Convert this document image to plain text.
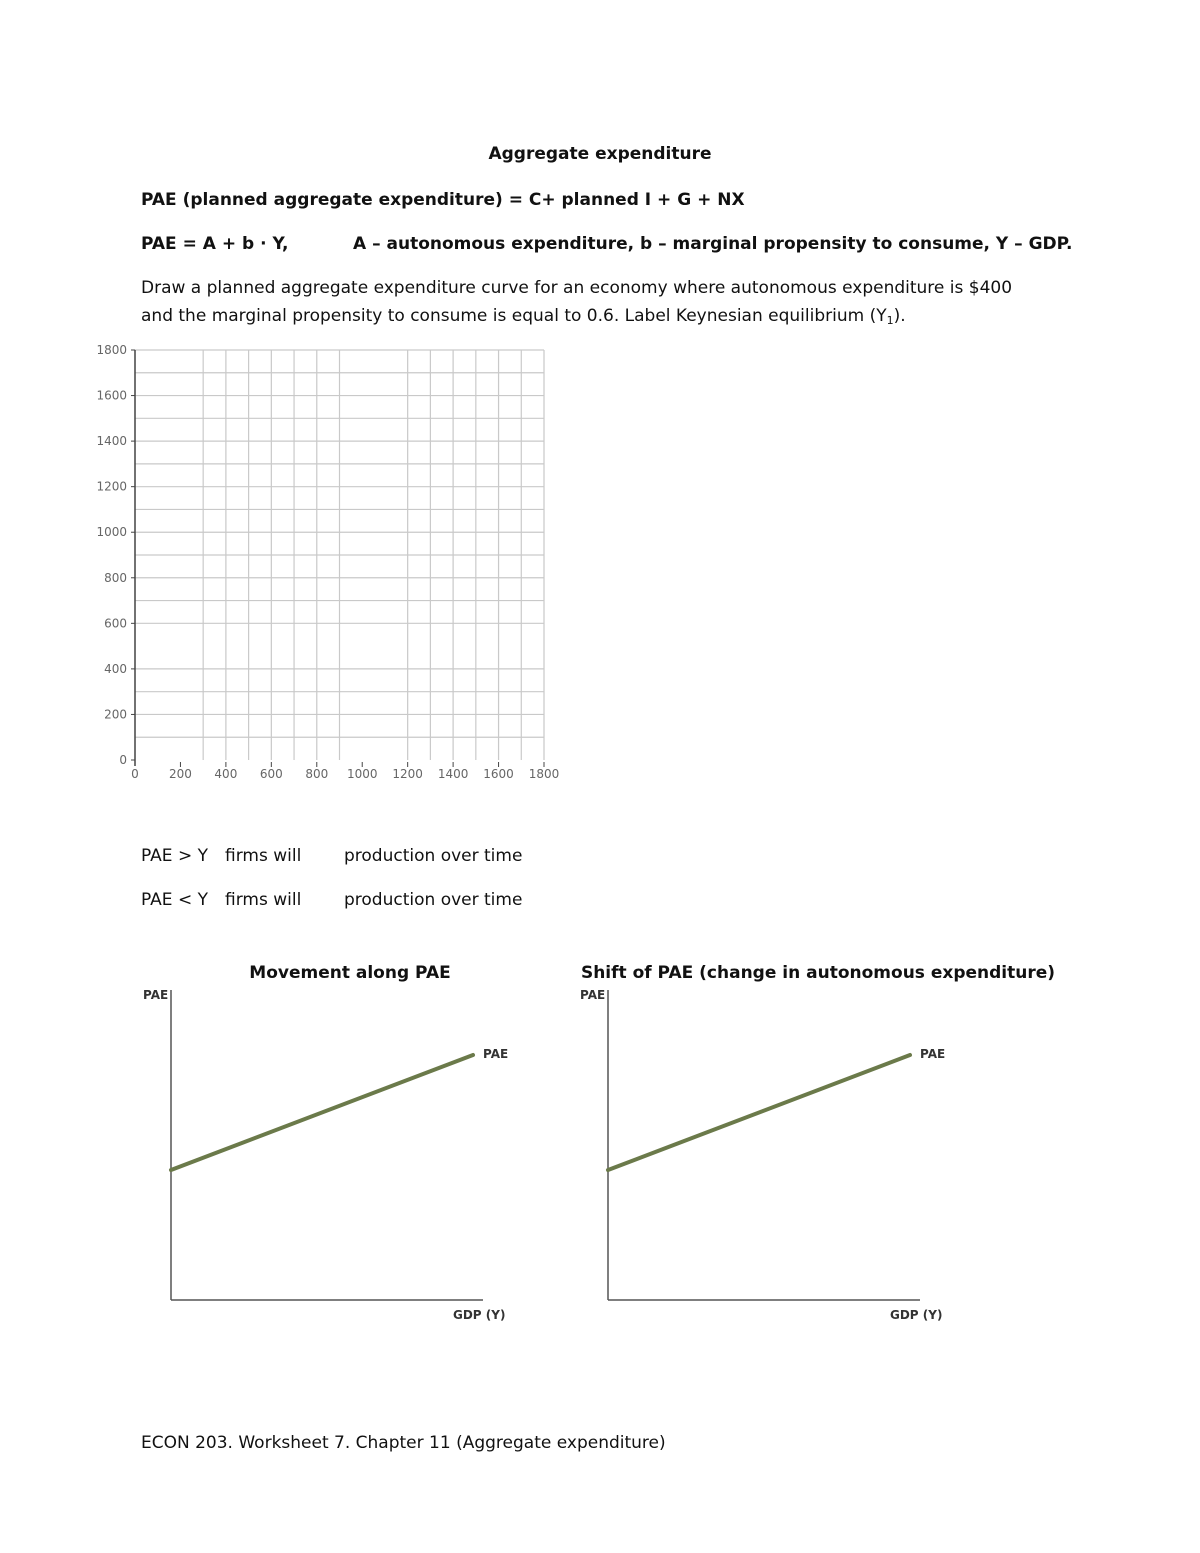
Aggregate expenditure
PAE (planned aggregate expenditure) = C+ planned I + G + NX
PAE = A + b · Y,	A – autonomous expenditure, b – marginal propensity to consume, Y – GDP.
Draw a planned aggregate expenditure curve for an economy where autonomous expenditure is $400
and the marginal propensity to consume is equal to 0.6. Label Keynesian equilibrium $(Y_1)$.
0
200
400
600
800
1000
1200
1400
1600
1800
0	200 400 600 800 1000 1200 1400 1600 1800
Movement along PAE
PAE
GDP (Y)
PAE
Shift of PAE (change in autonomous expenditure)
PAE
GDP (Y)
PAE
PAE > Y firms will	production over time
PAE < Y firms will	production over time
ECON 203. Worksheet 7. Chapter 11 (Aggregate expenditure)
